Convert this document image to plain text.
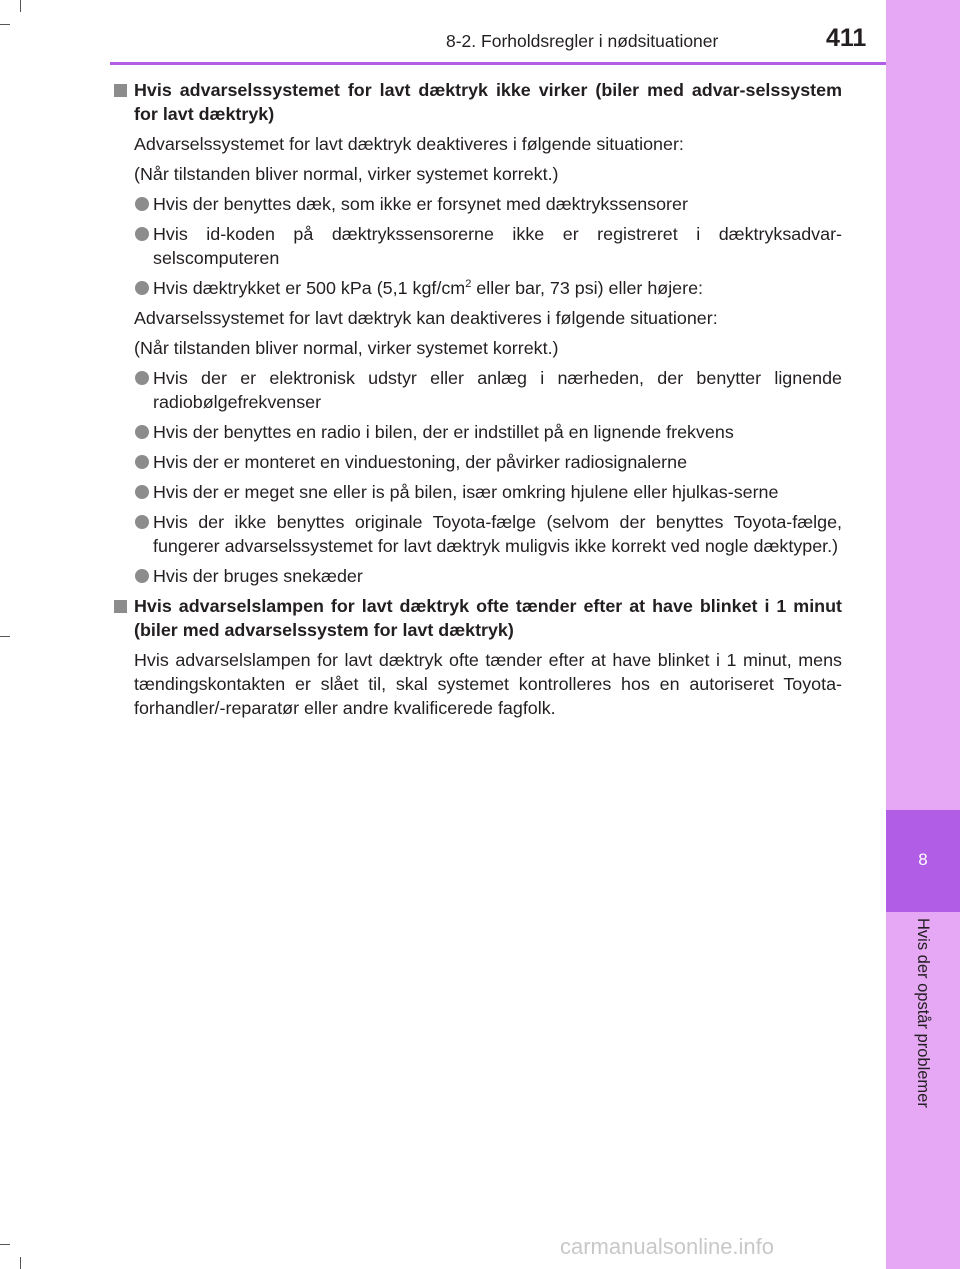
8
Hvis der opstår problemer
8-2. Forholdsregler i nødsituationer	411
Hvis advarselssystemet for lavt dæktryk ikke virker (biler med advar-selssystem for lavt dæktryk)
Advarselssystemet for lavt dæktryk deaktiveres i følgende situationer:
(Når tilstanden bliver normal, virker systemet korrekt.)
Hvis der benyttes dæk, som ikke er forsynet med dæktrykssensorer
Hvis id-koden på dæktrykssensorerne ikke er registreret i dæktryksadvar-selscomputeren
Hvis dæktrykket er 500 kPa (5,1 kgf/$cm^2$ eller bar, 73 psi) eller højere:
Advarselssystemet for lavt dæktryk kan deaktiveres i følgende situationer:
(Når tilstanden bliver normal, virker systemet korrekt.)
Hvis der er elektronisk udstyr eller anlæg i nærheden, der benytter lignende radiobølgefrekvenser
Hvis der benyttes en radio i bilen, der er indstillet på en lignende frekvens
Hvis der er monteret en vinduestoning, der påvirker radiosignalerne
Hvis der er meget sne eller is på bilen, især omkring hjulene eller hjulkas-serne
Hvis der ikke benyttes originale Toyota-fælge (selvom der benyttes Toyota-fælge, fungerer advarselssystemet for lavt dæktryk muligvis ikke korrekt ved nogle dæktyper.)
Hvis der bruges snekæder
Hvis advarselslampen for lavt dæktryk ofte tænder efter at have blinket i 1 minut (biler med advarselssystem for lavt dæktryk)
Hvis advarselslampen for lavt dæktryk ofte tænder efter at have blinket i 1 minut, mens tændingskontakten er slået til, skal systemet kontrolleres hos en autoriseret Toyota-forhandler/-reparatør eller andre kvalificerede fagfolk.
carmanualsonline.info
